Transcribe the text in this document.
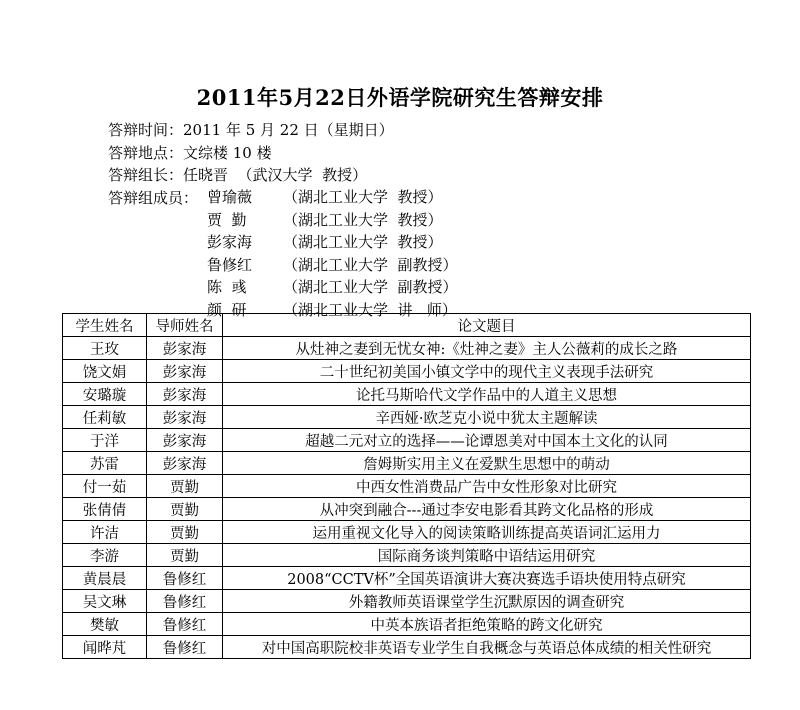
2011年5月22日外语学院研究生答辩安排
答辩时间：2011 年 5 月 22 日（星期日）
答辩地点：文综楼 10 楼
答辩组长：任晓晋  （武汉大学  教授）
答辩组成员： 曾瑜薇 （湖北工业大学  教授）
贾  勤 （湖北工业大学  教授）
彭家海 （湖北工业大学  教授）
鲁修红 （湖北工业大学  副教授）
陈  彧 （湖北工业大学  副教授）
颜  研 （湖北工业大学  讲   师）
学生姓名	导师姓名	论文题目
王玫	彭家海	从灶神之妻到无忧女神:《灶神之妻》主人公薇莉的成长之路
饶文娟	彭家海	二十世纪初美国小镇文学中的现代主义表现手法研究
安璐璇	彭家海	论托马斯哈代文学作品中的人道主义思想
任莉敏	彭家海	辛西娅·欧芝克小说中犹太主题解读
于洋	彭家海	超越二元对立的选择——论谭恩美对中国本土文化的认同
苏雷	彭家海	詹姆斯实用主义在爱默生思想中的萌动
付一茹	贾勤	中西女性消费品广告中女性形象对比研究
张倩倩	贾勤	从冲突到融合---通过李安电影看其跨文化品格的形成
许洁	贾勤	运用重视文化导入的阅读策略训练提高英语词汇运用力
李游	贾勤	国际商务谈判策略中语结运用研究
黄晨晨	鲁修红	2008“CCTV杯”全国英语演讲大赛决赛选手语块使用特点研究
吴文琳	鲁修红	外籍教师英语课堂学生沉默原因的调查研究
樊敏	鲁修红	中英本族语者拒绝策略的跨文化研究
闻晔芃	鲁修红	对中国高职院校非英语专业学生自我概念与英语总体成绩的相关性研究
